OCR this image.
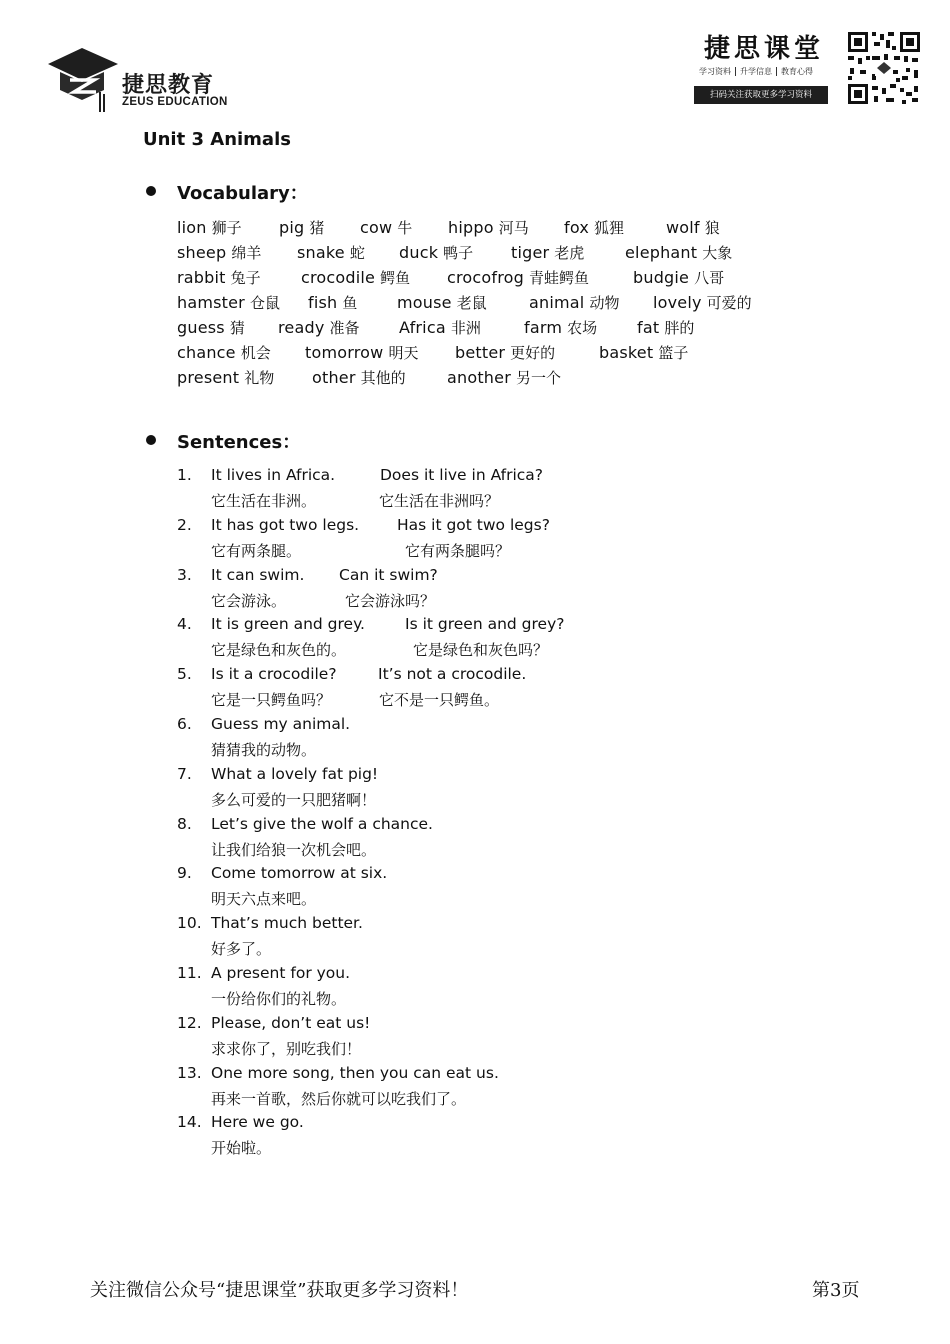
捷思教育
ZEUS EDUCATION
捷思课堂
学习资料 升学信息 教育心得
扫码关注获取更多学习资料
Unit 3 Animals
Vocabulary：
lion 狮子 pig 猪 cow 牛 hippo 河马 fox 狐狸	wolf 狼
sheep 绵羊 snake 蛇 duck 鸭子 tiger 老虎	elephant 大象
rabbit 兔子	crocodile 鳄鱼 crocofrog 青蛙鳄鱼	budgie 八哥
hamster 仓鼠 fish 鱼 mouse 老鼠	animal 动物 lovely 可爱的
guess 猜 ready 准备 Africa 非洲	farm 农场 fat 胖的
chance 机会 tomorrow 明天 better 更好的	basket 篮子
present 礼物 other 其他的	another 另一个
Sentences：
1. It lives in Africa.
它生活在非洲。
Does it live in Africa?
它生活在非洲吗？
2. It has got two legs.
它有两条腿。
Has it got two legs?
它有两条腿吗？
3. It can swim.
它会游泳。
Can it swim?
它会游泳吗？
4. It is green and grey.
它是绿色和灰色的。
Is it green and grey?
它是绿色和灰色吗？
5. Is it a crocodile?
它是一只鳄鱼吗？
It’s not a crocodile.
它不是一只鳄鱼。
6. Guess my animal.
猜猜我的动物。
7. What a lovely fat pig!
多么可爱的一只肥猪啊！
8. Let’s give the wolf a chance.
让我们给狼一次机会吧。
9. Come tomorrow at six.
明天六点来吧。
10. That’s much better.
好多了。
11. A present for you.
一份给你们的礼物。
12. Please, don’t eat us!
求求你了，别吃我们！
13. One more song, then you can eat us.
再来一首歌，然后你就可以吃我们了。
14. Here we go.
开始啦。
关注微信公众号“捷思课堂”获取更多学习资料！	第3页
